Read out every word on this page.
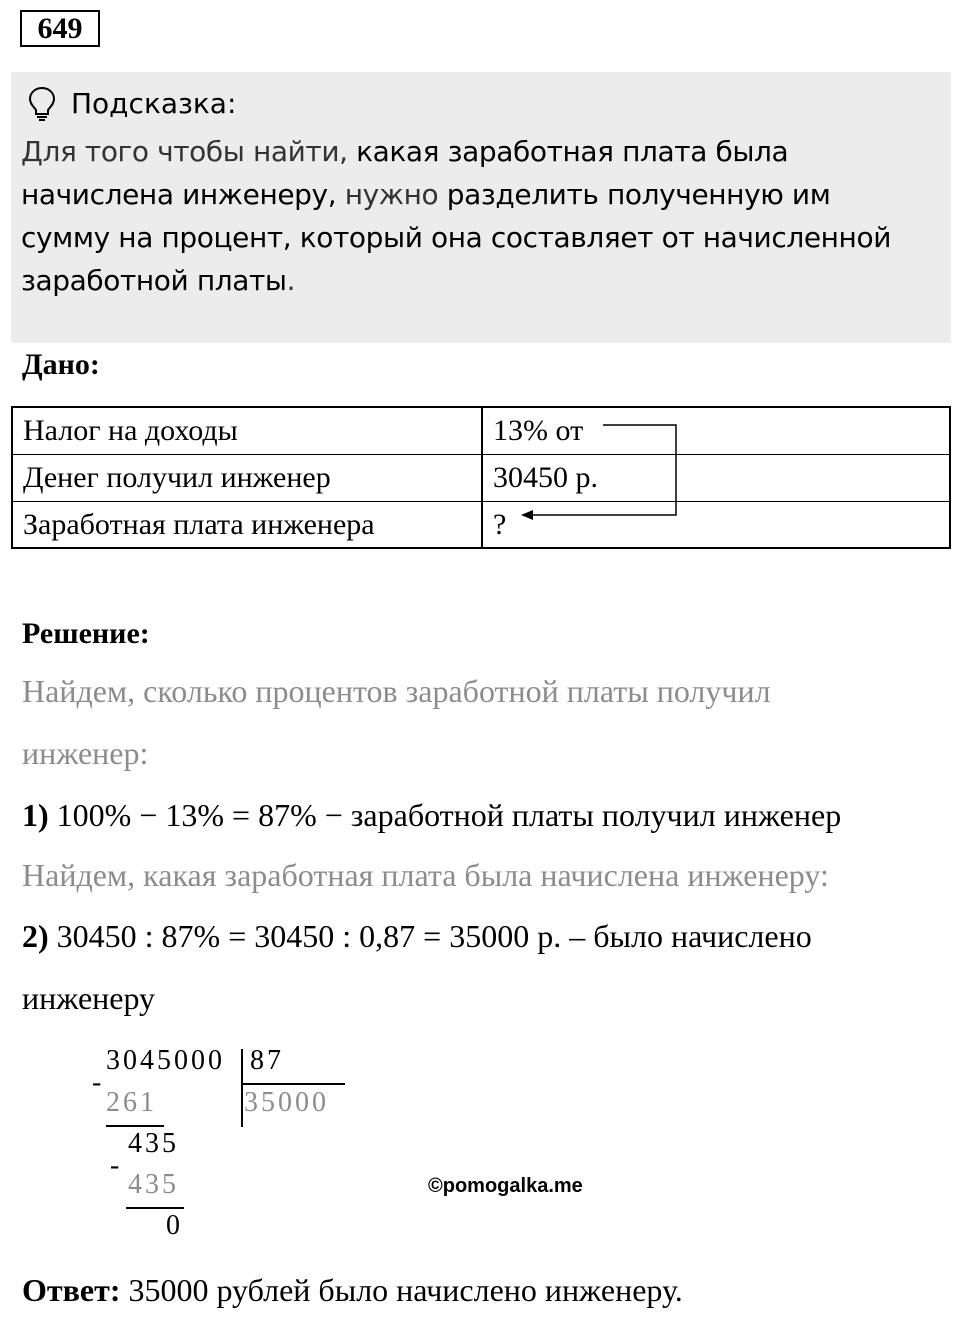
649
Подсказка:
Для того чтобы найти, какая заработная плата была начислена инженеру, нужно разделить полученную им сумму на процент, который она составляет от начисленной заработной платы.
Дано:
Налог на доходы	13% от
Денег получил инженер	30450 р.
Заработная плата инженера	?
Решение:
Найдем, сколько процентов заработной платы получил
инженер:
1) 100% − 13% = 87% − заработной платы получил инженер
Найдем, какая заработная плата была начислена инженеру:
2) 30450 : 87% = 30450 : 0,87 = 35000 р. – было начислено
инженеру
3045000 87
35000
-
261
435
-
435
0
©pomogalka.me
Ответ: 35000 рублей было начислено инженеру.
